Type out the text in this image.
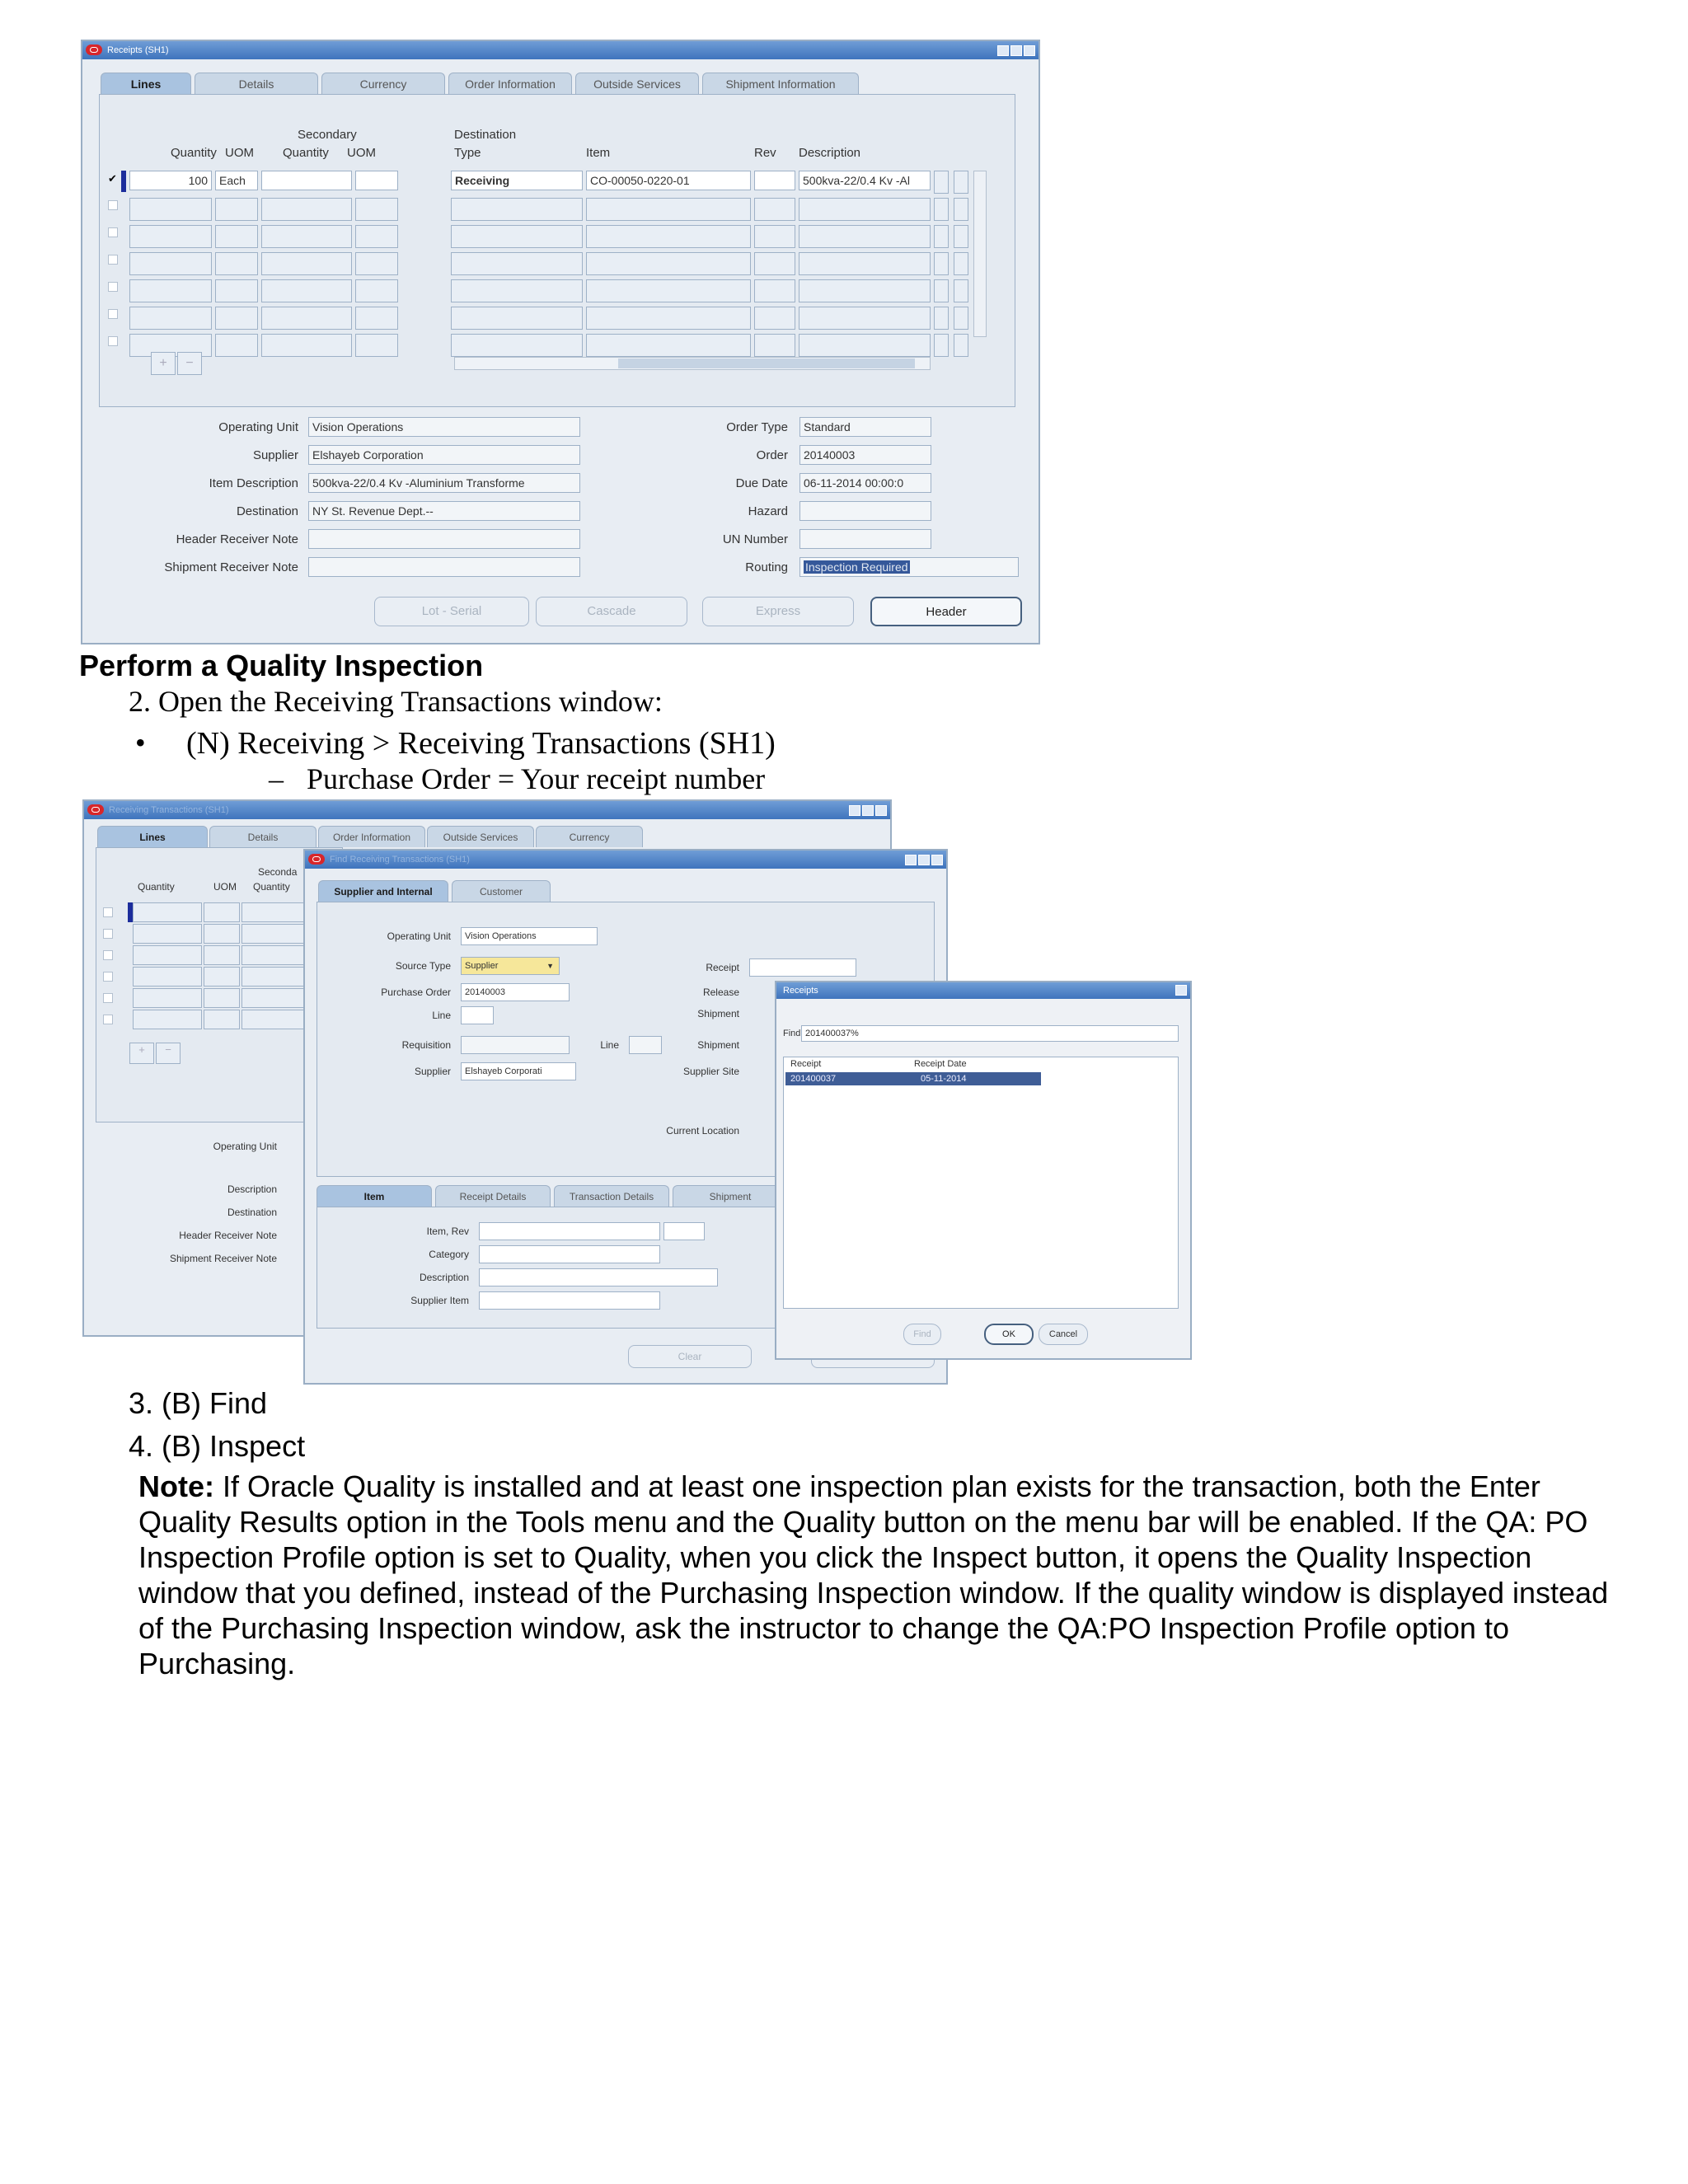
Receipts (SH1)
Lines	Details	Currency	Order Information	Outside Services	Shipment Information
Quantity UOM
Secondary
Quantity UOM
Destination
Type	Item	Rev Description
✔	100	Each	Receiving	CO-00050-0220-01	500kva-22/0.4 Kv -Al
+	−
Operating Unit	Vision Operations
Supplier	Elshayeb Corporation
Item Description	500kva-22/0.4 Kv -Aluminium Transforme
Destination	NY St. Revenue Dept.--
Header Receiver Note
Shipment Receiver Note
Order Type	Standard
Order	20140003
Due Date	06-11-2014 00:00:0
Hazard
UN Number
Routing	Inspection Required
Lot - Serial	Cascade	Express	Header
Perform a Quality Inspection
2. Open the Receiving Transactions window:
• (N) Receiving > Receiving Transactions (SH1)
– Purchase Order = Your receipt number
Receiving Transactions (SH1)
Lines	Details	Order Information	Outside Services	Currency
Seconda
Quantity	UOM Quantity
+	−
Operating Unit
Description
Destination
Header Receiver Note
Shipment Receiver Note
Find Receiving Transactions (SH1)
Supplier and Internal	Customer
Operating Unit	Vision Operations
Source Type	Supplier	▼
Purchase Order	20140003
Line
Requisition	Line
Supplier	Elshayeb Corporati
Receipt
Release
Shipment
Shipment
Supplier Site
Current Location
Item	Receipt Details	Transaction Details	Shipment
Item, Rev
Category
Description
Supplier Item
Clear
Receipts
Find 201400037%
Receipt	Receipt Date
201400037	05-11-2014
Find	OK	Cancel
3. (B) Find
4. (B) Inspect
Note: If Oracle Quality is installed and at least one inspection plan exists for the transaction, both the Enter
Quality Results option in the Tools menu and the Quality button on the menu bar will be enabled. If the QA: PO
Inspection Profile option is set to Quality, when you click the Inspect button, it opens the Quality Inspection
window that you defined, instead of the Purchasing Inspection window. If the quality window is displayed instead
of the Purchasing Inspection window, ask the instructor to change the QA:PO Inspection Profile option to
Purchasing.
